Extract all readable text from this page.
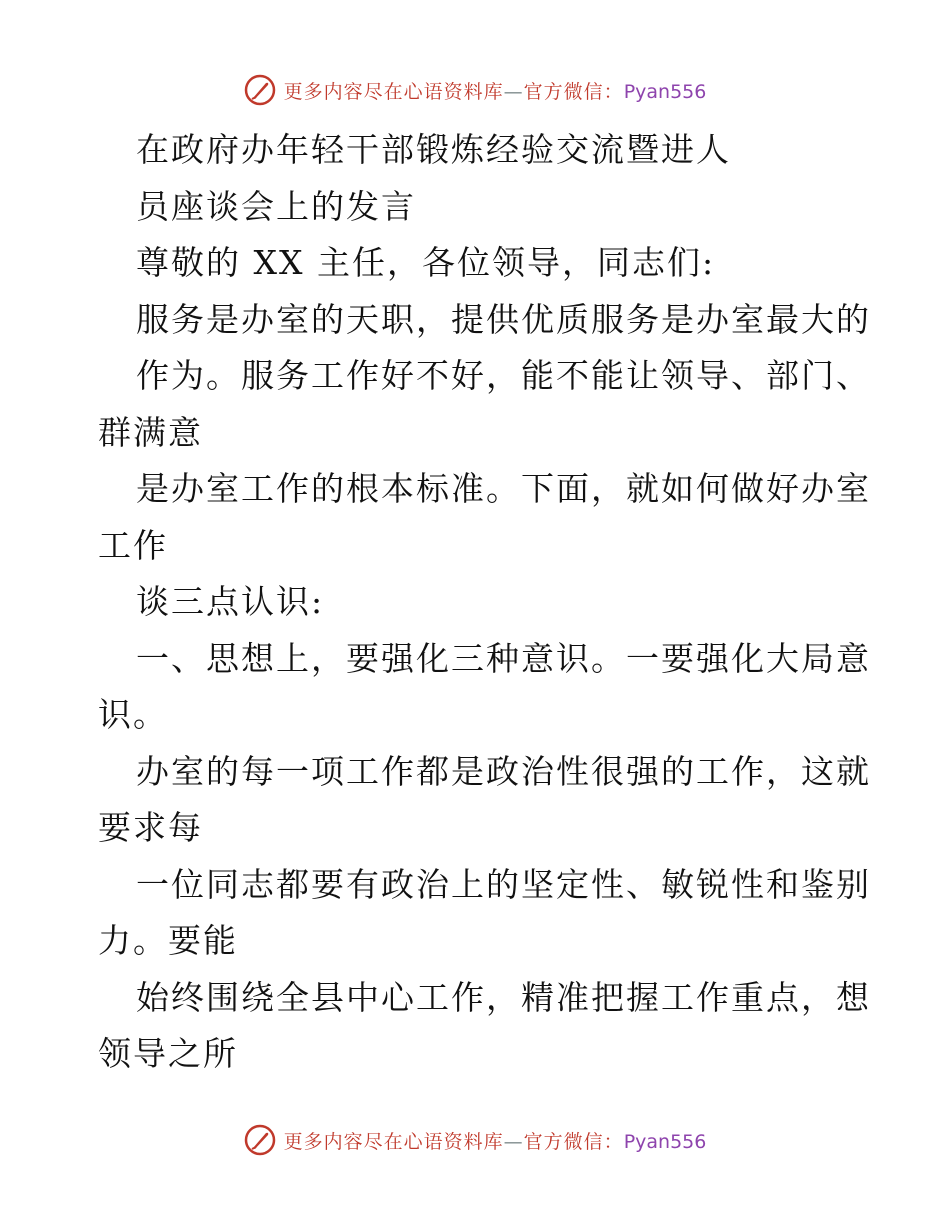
更多内容尽在心语资料库—官方微信：Pyan556
在政府办年轻干部锻炼经验交流暨进人
员座谈会上的发言
尊敬的 XX 主任，各位领导，同志们:
服务是办室的天职，提供优质服务是办室最大的
作为。服务工作好不好，能不能让领导、部门、
群满意
是办室工作的根本标准。下面，就如何做好办室
工作
谈三点认识:
一、思想上，要强化三种意识。一要强化大局意
识。
办室的每一项工作都是政治性很强的工作，这就
要求每
一位同志都要有政治上的坚定性、敏锐性和鉴别
力。要能
始终围绕全县中心工作，精准把握工作重点，想
领导之所
更多内容尽在心语资料库—官方微信：Pyan556
